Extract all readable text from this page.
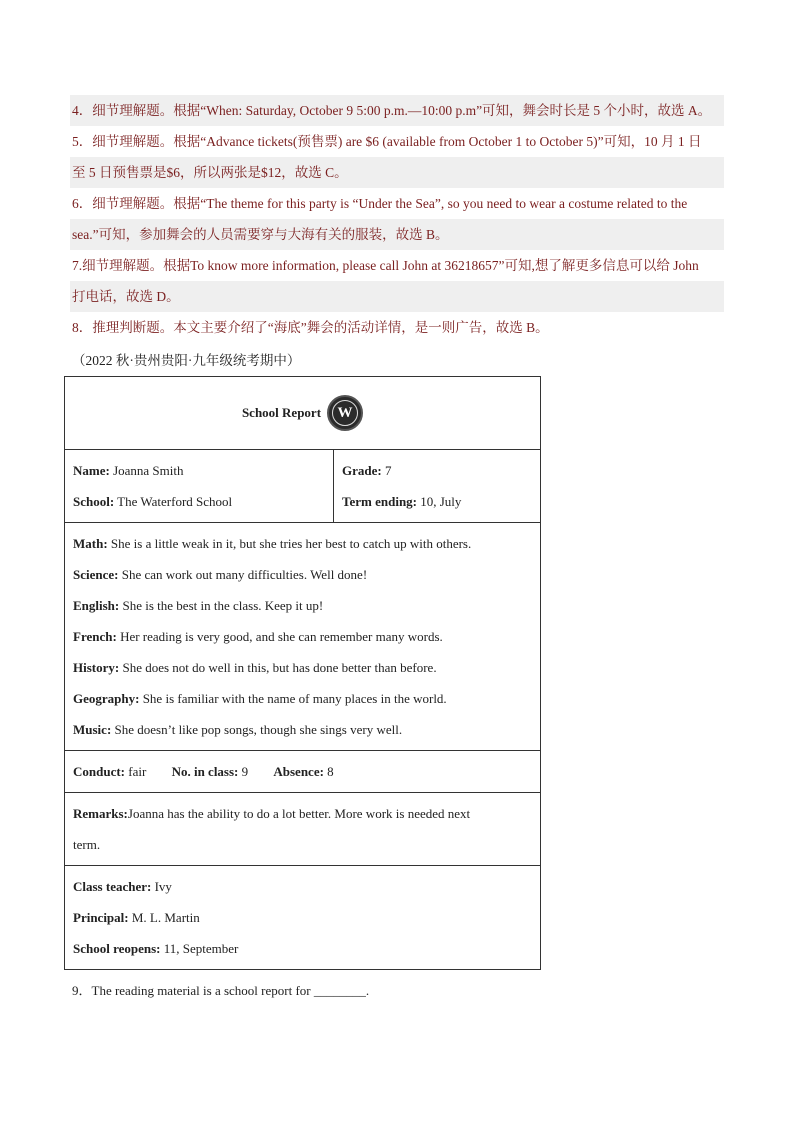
4．细节理解题。根据“When: Saturday, October 9 5:00 p.m.—10:00 p.m”可知，舞会时长是 5 个小时，故选 A。
5．细节理解题。根据“Advance tickets(预售票) are $6 (available from October 1 to October 5)”可知，10 月 1 日
至 5 日预售票是$6，所以两张是$12，故选 C。
6．细节理解题。根据“The theme for this party is “Under the Sea”, so you need to wear a costume related to the
sea.”可知，参加舞会的人员需要穿与大海有关的服装，故选 B。
7.细节理解题。根据To know more information, please call John at 36218657”可知,想了解更多信息可以给 John
打电话，故选 D。
8．推理判断题。本文主要介绍了“海底”舞会的活动详情，是一则广告，故选 B。
（2022 秋·贵州贵阳·九年级统考期中）
School Report	W

Name: Joanna Smith
School: The Waterford School

Grade: 7
Term ending: 10, July

Math: She is a little weak in it, but she tries her best to catch up with others.
Science: She can work out many difficulties. Well done!
English: She is the best in the class. Keep it up!
French: Her reading is very good, and she can remember many words.
History: She does not do well in this, but has done better than before.
Geography: She is familiar with the name of many places in the world.
Music: She doesn’t like pop songs, though she sings very well.

Conduct: fair No. in class: 9 Absence: 8

Remarks:Joanna has the ability to do a lot better. More work is needed next
term.

Class teacher: Ivy
Principal: M. L. Martin
School reopens: 11, September
9．The reading material is a school report for ________.
